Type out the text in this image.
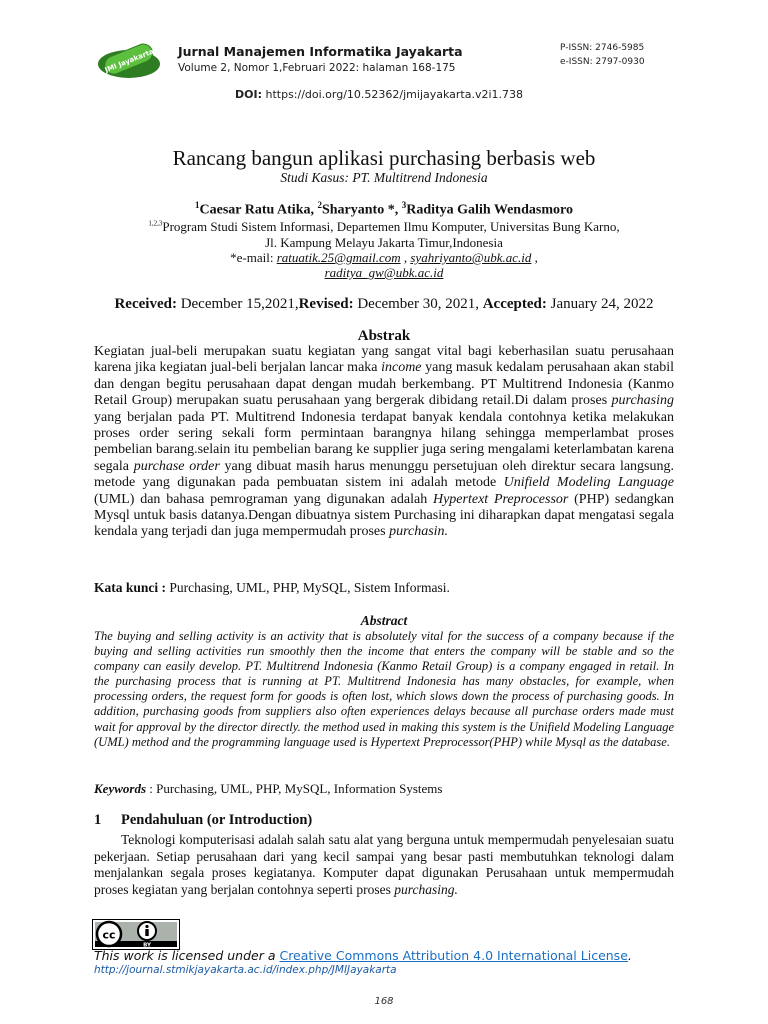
JMI Jayakarta Jurnal Manajemen Informatika Jayakarta
Volume 2, Nomor 1,Februari 2022: halaman 168-175
P-ISSN: 2746-5985
e-ISSN: 2797-0930
DOI: https://doi.org/10.52362/jmijayakarta.v2i1.738
Rancang bangun aplikasi purchasing berbasis web
Studi Kasus: PT. Multitrend Indonesia
$^1$Caesar Ratu Atika, $^2$Sharyanto *, $^3$Raditya Galih Wendasmoro
$^{1,2,3}$Program Studi Sistem Informasi, Departemen Ilmu Komputer, Universitas Bung Karno,
Jl. Kampung Melayu Jakarta Timur,Indonesia
*e-mail: ratuatik.25@gmail.com , syahriyanto@ubk.ac.id ,
raditya_gw@ubk.ac.id
Received: December 15,2021,Revised: December 30, 2021, Accepted: January 24, 2022
Abstrak
Kegiatan jual-beli merupakan suatu kegiatan yang sangat vital bagi keberhasilan suatu perusahaan karena jika kegiatan jual-beli berjalan lancar maka income yang masuk kedalam perusahaan akan stabil dan dengan begitu perusahaan dapat dengan mudah berkembang. PT Multitrend Indonesia (Kanmo Retail Group) merupakan suatu perusahaan yang bergerak dibidang retail.Di dalam proses purchasing yang berjalan pada PT. Multitrend Indonesia terdapat banyak kendala contohnya ketika melakukan proses order sering sekali form permintaan barangnya hilang sehingga memperlambat proses pembelian barang.selain itu pembelian barang ke supplier juga sering mengalami keterlambatan karena segala purchase order yang dibuat masih harus menunggu persetujuan oleh direktur secara langsung. metode yang digunakan pada pembuatan sistem ini adalah metode Unifield Modeling Language (UML) dan bahasa pemrograman yang digunakan adalah Hypertext Preprocessor (PHP) sedangkan Mysql untuk basis datanya.Dengan dibuatnya sistem Purchasing ini diharapkan dapat mengatasi segala kendala yang terjadi dan juga mempermudah proses purchasin.
Kata kunci : Purchasing, UML, PHP, MySQL, Sistem Informasi.
Abstract
The buying and selling activity is an activity that is absolutely vital for the success of a company because if the buying and selling activities run smoothly then the income that enters the company will be stable and so the company can easily develop. PT. Multitrend Indonesia (Kanmo Retail Group) is a company engaged in retail. In the purchasing process that is running at PT. Multitrend Indonesia has many obstacles, for example, when processing orders, the request form for goods is often lost, which slows down the process of purchasing goods. In addition, purchasing goods from suppliers also often experiences delays because all purchase orders made must wait for approval by the director directly. the method used in making this system is the Unifield Modeling Language (UML) method and the programming language used is Hypertext Preprocessor(PHP) while Mysql as the database.
Keywords : Purchasing, UML, PHP, MySQL, Information Systems
1 Pendahuluan (or Introduction)
Teknologi komputerisasi adalah salah satu alat yang berguna untuk mempermudah penyelesaian suatu pekerjaan. Setiap perusahaan dari yang kecil sampai yang besar pasti membutuhkan teknologi dalam menjalankan segala proses kegiatanya. Komputer dapat digunakan Perusahaan untuk mempermudah proses kegiatan yang berjalan contohnya seperti proses purchasing.
cc
BY
This work is licensed under a Creative Commons Attribution 4.0 International License.
http://journal.stmikjayakarta.ac.id/index.php/JMIJayakarta
168
